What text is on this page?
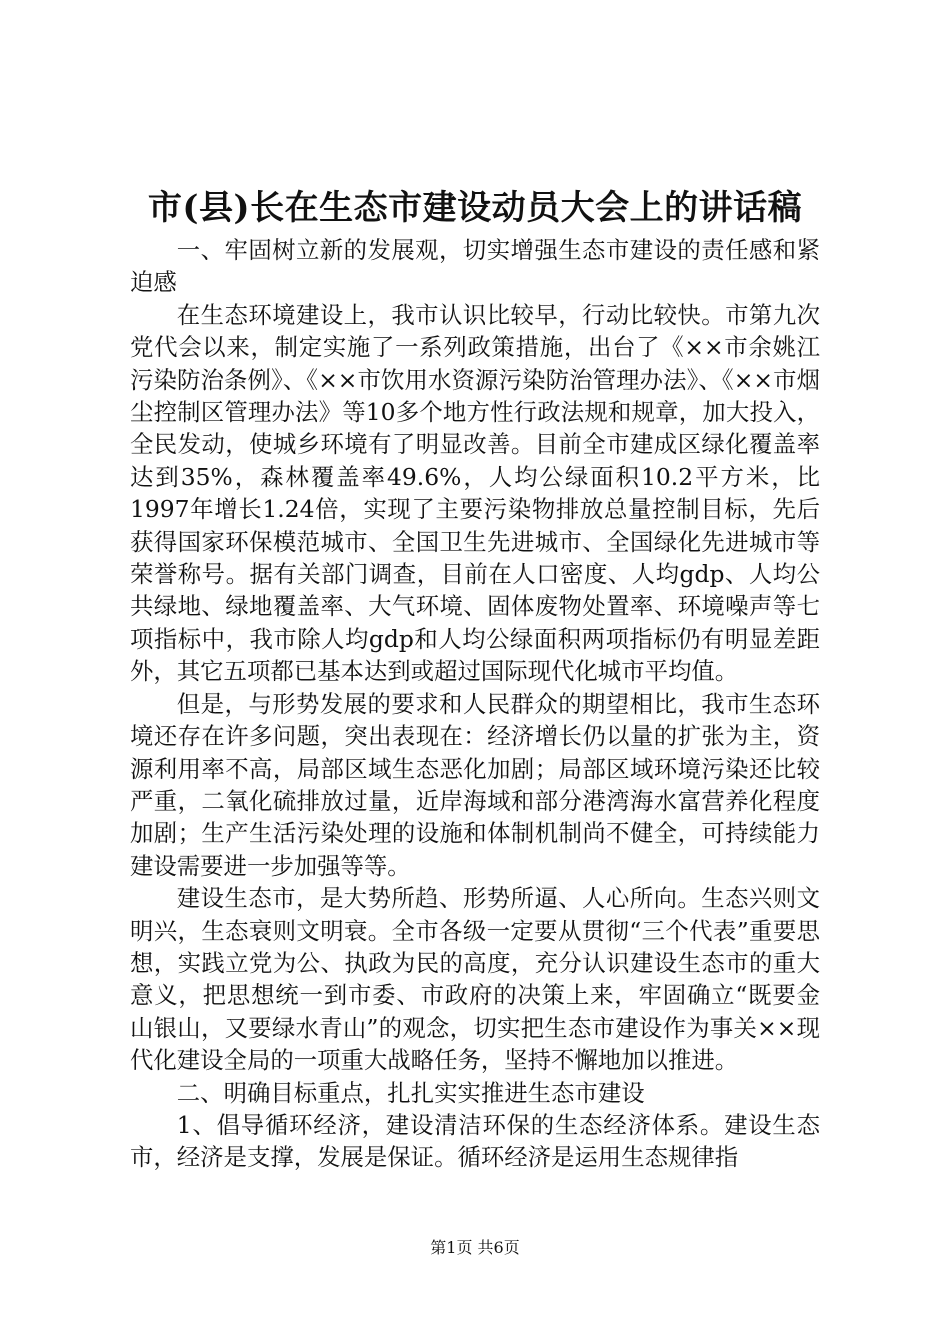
市(县)长在生态市建设动员大会上的讲话稿

一、牢固树立新的发展观，切实增强生态市建设的责任感和紧迫感

在生态环境建设上，我市认识比较早，行动比较快。市第九次党代会以来，制定实施了一系列政策措施，出台了《××市余姚江污染防治条例》、《××市饮用水资源污染防治管理办法》、《××市烟尘控制区管理办法》等10多个地方性行政法规和规章，加大投入，全民发动，使城乡环境有了明显改善。目前全市建成区绿化覆盖率达到35%，森林覆盖率49.6%，人均公绿面积10.2平方米，比1997年增长1.24倍，实现了主要污染物排放总量控制目标，先后获得国家环保模范城市、全国卫生先进城市、全国绿化先进城市等荣誉称号。据有关部门调查，目前在人口密度、人均gdp、人均公共绿地、绿地覆盖率、大气环境、固体废物处置率、环境噪声等七项指标中，我市除人均gdp和人均公绿面积两项指标仍有明显差距外，其它五项都已基本达到或超过国际现代化城市平均值。

但是，与形势发展的要求和人民群众的期望相比，我市生态环境还存在许多问题，突出表现在：经济增长仍以量的扩张为主，资源利用率不高，局部区域生态恶化加剧；局部区域环境污染还比较严重，二氧化硫排放过量，近岸海域和部分港湾海水富营养化程度加剧；生产生活污染处理的设施和体制机制尚不健全，可持续能力建设需要进一步加强等等。

建设生态市，是大势所趋、形势所逼、人心所向。生态兴则文明兴，生态衰则文明衰。全市各级一定要从贯彻“三个代表”重要思想，实践立党为公、执政为民的高度，充分认识建设生态市的重大意义，把思想统一到市委、市政府的决策上来，牢固确立“既要金山银山，又要绿水青山”的观念，切实把生态市建设作为事关××现代化建设全局的一项重大战略任务，坚持不懈地加以推进。

二、明确目标重点，扎扎实实推进生态市建设

1、倡导循环经济，建设清洁环保的生态经济体系。建设生态市，经济是支撑，发展是保证。循环经济是运用生态规律指

第1页 共6页
